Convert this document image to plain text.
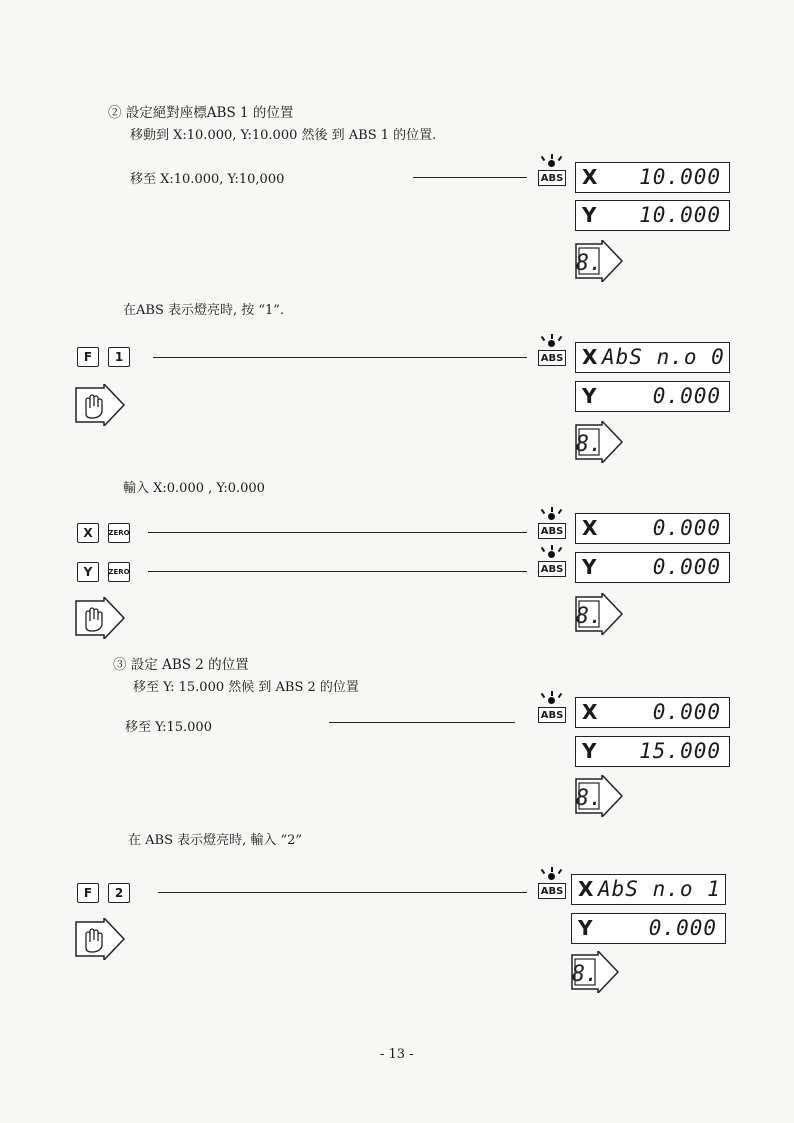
② 設定絕對座標ABS 1 的位置
移動到 X:10.000, Y:10.000 然後 到 ABS 1 的位置.
移至 X:10.000, Y:10,000	ABS X 10.000
Y 10.000
8.
在ABS 表示燈亮時, 按 “1”.
F	1	ABS X AbS n.o 0
Y	0.000
8.
輸入 X:0.000 , Y:0.000
X	ZERO	ABS X	0.000
Y	ZERO	ABS Y	0.000
8.
③ 設定 ABS 2 的位置
移至 Y: 15.000 然候 到 ABS 2 的位置
移至 Y:15.000
ABS X	0.000
Y 15.000
8.
在 ABS 表示燈亮時, 輸入 “2”
F	2	ABS X AbS n.o 1
Y	0.000
8.
- 13 -
